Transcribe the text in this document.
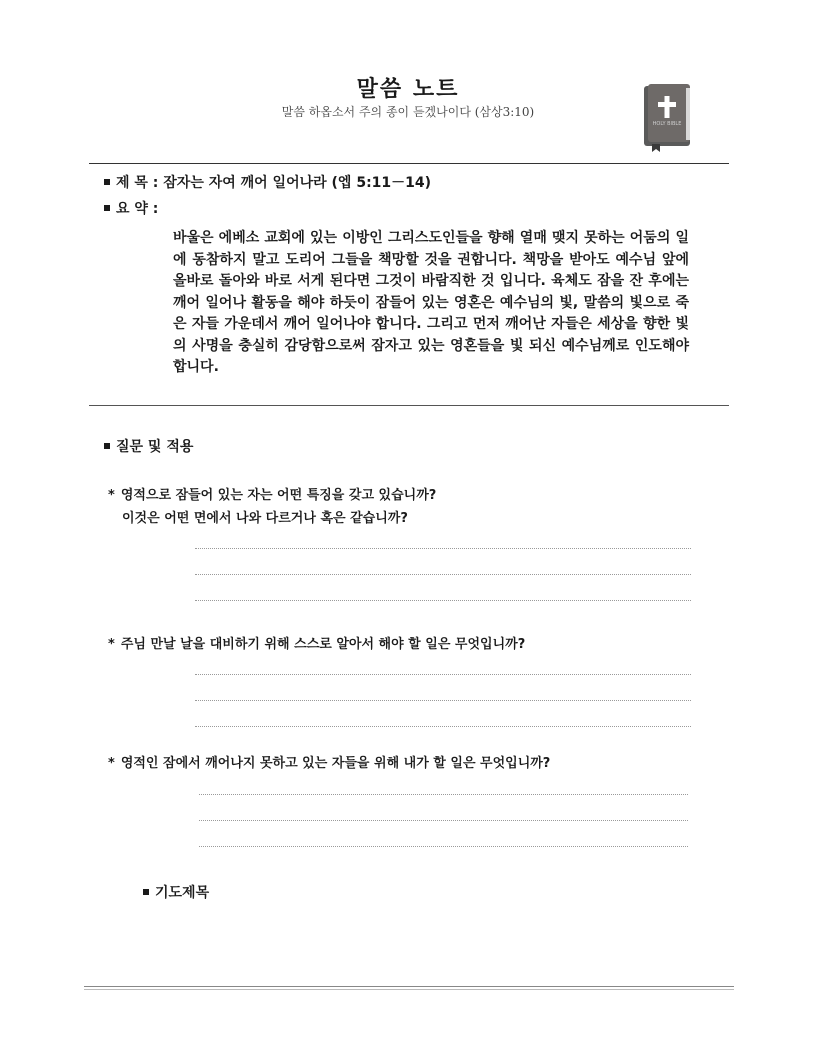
말씀 노트
말씀 하옵소서 주의 종이 듣겠나이다 (삼상3:10)
HOLY BIBLE
제 목 : 잠자는 자여 깨어 일어나라 (엡 5:11－14)
요 약 :
바울은 에베소 교회에 있는 이방인 그리스도인들을 향해 열매 맺지 못하는 어둠의 일에 동참하지 말고 도리어 그들을 책망할 것을 권합니다. 책망을 받아도 예수님 앞에 올바로 돌아와 바로 서게 된다면 그것이 바람직한 것 입니다. 육체도 잠을 잔 후에는 깨어 일어나 활동을 해야 하듯이 잠들어 있는 영혼은 예수님의 빛, 말씀의 빛으로 죽은 자들 가운데서 깨어 일어나야 합니다. 그리고 먼저 깨어난 자들은 세상을 향한 빛의 사명을 충실히 감당함으로써 잠자고 있는 영혼들을 빛 되신 예수님께로 인도해야 합니다.
질문 및 적용
* 영적으로 잠들어 있는 자는 어떤 특징을 갖고 있습니까?
이것은 어떤 면에서 나와 다르거나 혹은 같습니까?
* 주님 만날 날을 대비하기 위해 스스로 알아서 해야 할 일은 무엇입니까?
* 영적인 잠에서 깨어나지 못하고 있는 자들을 위해 내가 할 일은 무엇입니까?
기도제목
